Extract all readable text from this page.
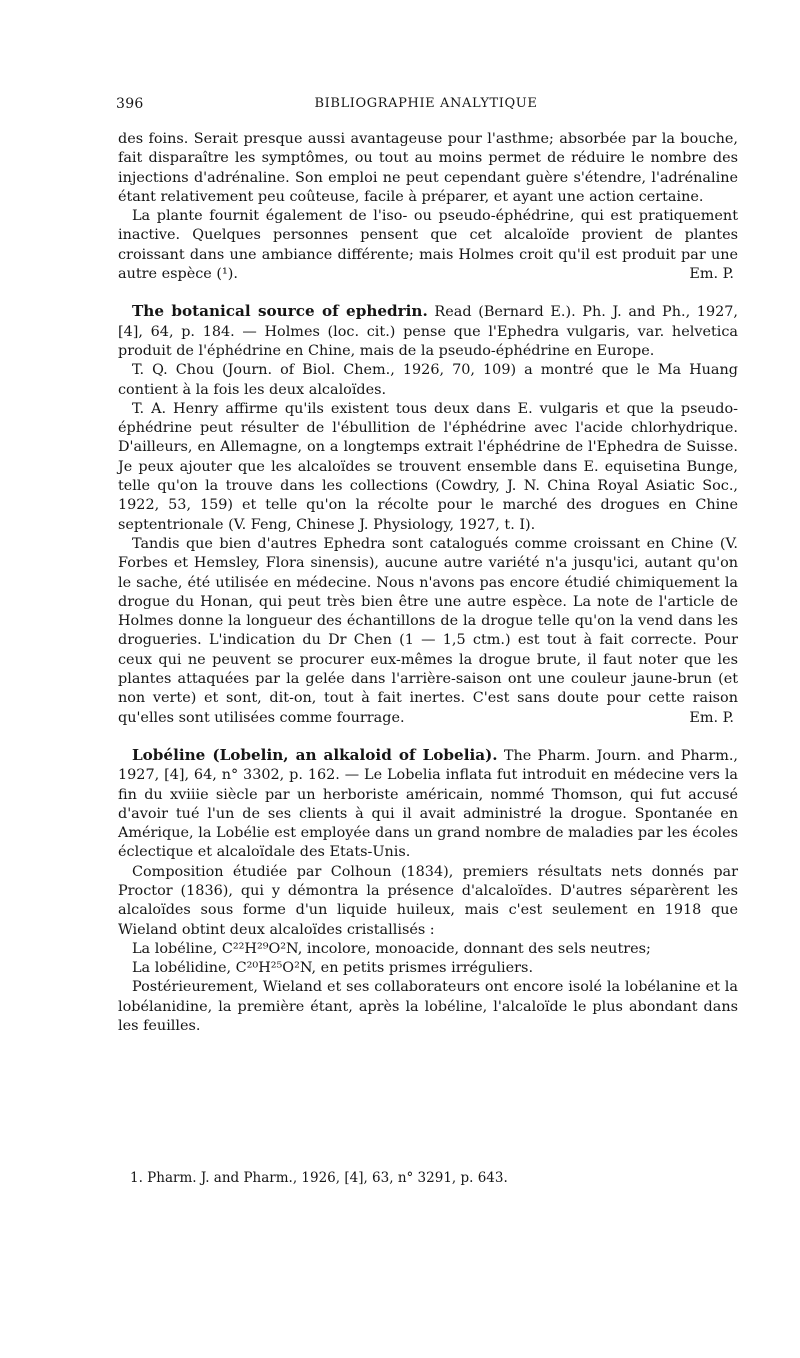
396	BIBLIOGRAPHIE ANALYTIQUE

des foins. Serait presque aussi avantageuse pour l'asthme; absorbée par la bouche, fait disparaître les symptômes, ou tout au moins permet de réduire le nombre des injections d'adrénaline. Son emploi ne peut cependant guère s'étendre, l'adrénaline étant relativement peu coûteuse, facile à préparer, et ayant une action certaine.

La plante fournit également de l'iso- ou pseudo-éphédrine, qui est pratiquement inactive. Quelques personnes pensent que cet alcaloïde provient de plantes croissant dans une ambiance différente; mais Holmes croit qu'il est produit par une autre espèce (¹).	Em. P.

The botanical source of ephedrin. Read (Bernard E.). Ph. J. and Ph., 1927, [4], 64, p. 184. — Holmes (loc. cit.) pense que l'Ephedra vulgaris, var. helvetica produit de l'éphédrine en Chine, mais de la pseudo-éphédrine en Europe.

T. Q. Chou (Journ. of Biol. Chem., 1926, 70, 109) a montré que le Ma Huang contient à la fois les deux alcaloïdes.

T. A. Henry affirme qu'ils existent tous deux dans E. vulgaris et que la pseudo-éphédrine peut résulter de l'ébullition de l'éphédrine avec l'acide chlorhydrique. D'ailleurs, en Allemagne, on a longtemps extrait l'éphédrine de l'Ephedra de Suisse. Je peux ajouter que les alcaloïdes se trouvent ensemble dans E. equisetina Bunge, telle qu'on la trouve dans les collections (Cowdry, J. N. China Royal Asiatic Soc., 1922, 53, 159) et telle qu'on la récolte pour le marché des drogues en Chine septentrionale (V. Feng, Chinese J. Physiology, 1927, t. I).

Tandis que bien d'autres Ephedra sont catalogués comme croissant en Chine (V. Forbes et Hemsley, Flora sinensis), aucune autre variété n'a jusqu'ici, autant qu'on le sache, été utilisée en médecine. Nous n'avons pas encore étudié chimiquement la drogue du Honan, qui peut très bien être une autre espèce. La note de l'article de Holmes donne la longueur des échantillons de la drogue telle qu'on la vend dans les drogueries. L'indication du Dr Chen (1 — 1,5 ctm.) est tout à fait correcte. Pour ceux qui ne peuvent se procurer eux-mêmes la drogue brute, il faut noter que les plantes attaquées par la gelée dans l'arrière-saison ont une couleur jaune-brun (et non verte) et sont, dit-on, tout à fait inertes. C'est sans doute pour cette raison qu'elles sont utilisées comme fourrage.	Em. P.

Lobéline (Lobelin, an alkaloid of Lobelia). The Pharm. Journ. and Pharm., 1927, [4], 64, n° 3302, p. 162. — Le Lobelia inflata fut introduit en médecine vers la fin du xviiie siècle par un herboriste américain, nommé Thomson, qui fut accusé d'avoir tué l'un de ses clients à qui il avait administré la drogue. Spontanée en Amérique, la Lobélie est employée dans un grand nombre de maladies par les écoles éclectique et alcaloïdale des Etats-Unis.

Composition étudiée par Colhoun (1834), premiers résultats nets donnés par Proctor (1836), qui y démontra la présence d'alcaloïdes. D'autres séparèrent les alcaloïdes sous forme d'un liquide huileux, mais c'est seulement en 1918 que Wieland obtint deux alcaloïdes cristallisés :

La lobéline, C²²H²⁹O²N, incolore, monoacide, donnant des sels neutres;

La lobélidine, C²⁰H²⁵O²N, en petits prismes irréguliers.

Postérieurement, Wieland et ses collaborateurs ont encore isolé la lobélanine et la lobélanidine, la première étant, après la lobéline, l'alcaloïde le plus abondant dans les feuilles.

1. Pharm. J. and Pharm., 1926, [4], 63, n° 3291, p. 643.
